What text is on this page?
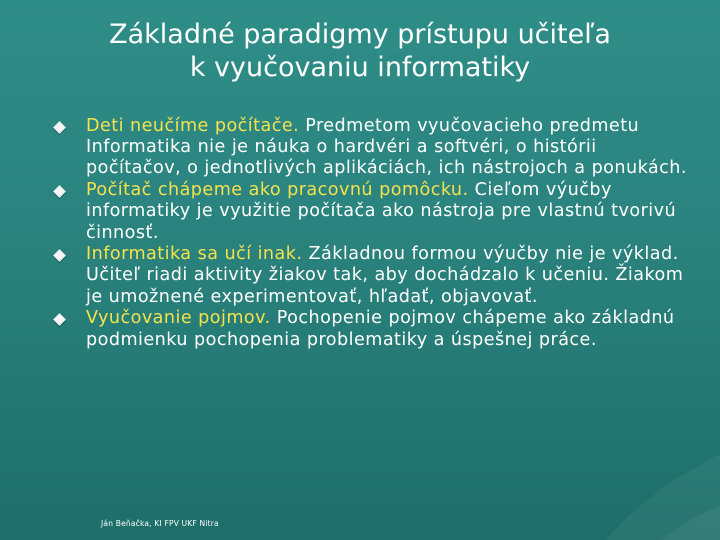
Základné paradigmy prístupu učiteľa
k vyučovaniu informatiky
Deti neučíme počítače. Predmetom vyučovacieho predmetu Informatika nie je náuka o hardvéri a softvéri, o histórii počítačov, o jednotlivých aplikáciách, ich nástrojoch a ponukách.
Počítač chápeme ako pracovnú pomôcku. Cieľom výučby informatiky je využitie počítača ako nástroja pre vlastnú tvorivú činnosť.
Informatika sa učí inak. Základnou formou výučby nie je výklad. Učiteľ riadi aktivity žiakov tak, aby dochádzalo k učeniu. Žiakom je umožnené experimentovať, hľadať, objavovať.
Vyučovanie pojmov. Pochopenie pojmov chápeme ako základnú podmienku pochopenia problematiky a úspešnej práce.
Ján Beňačka, KI FPV UKF Nitra
